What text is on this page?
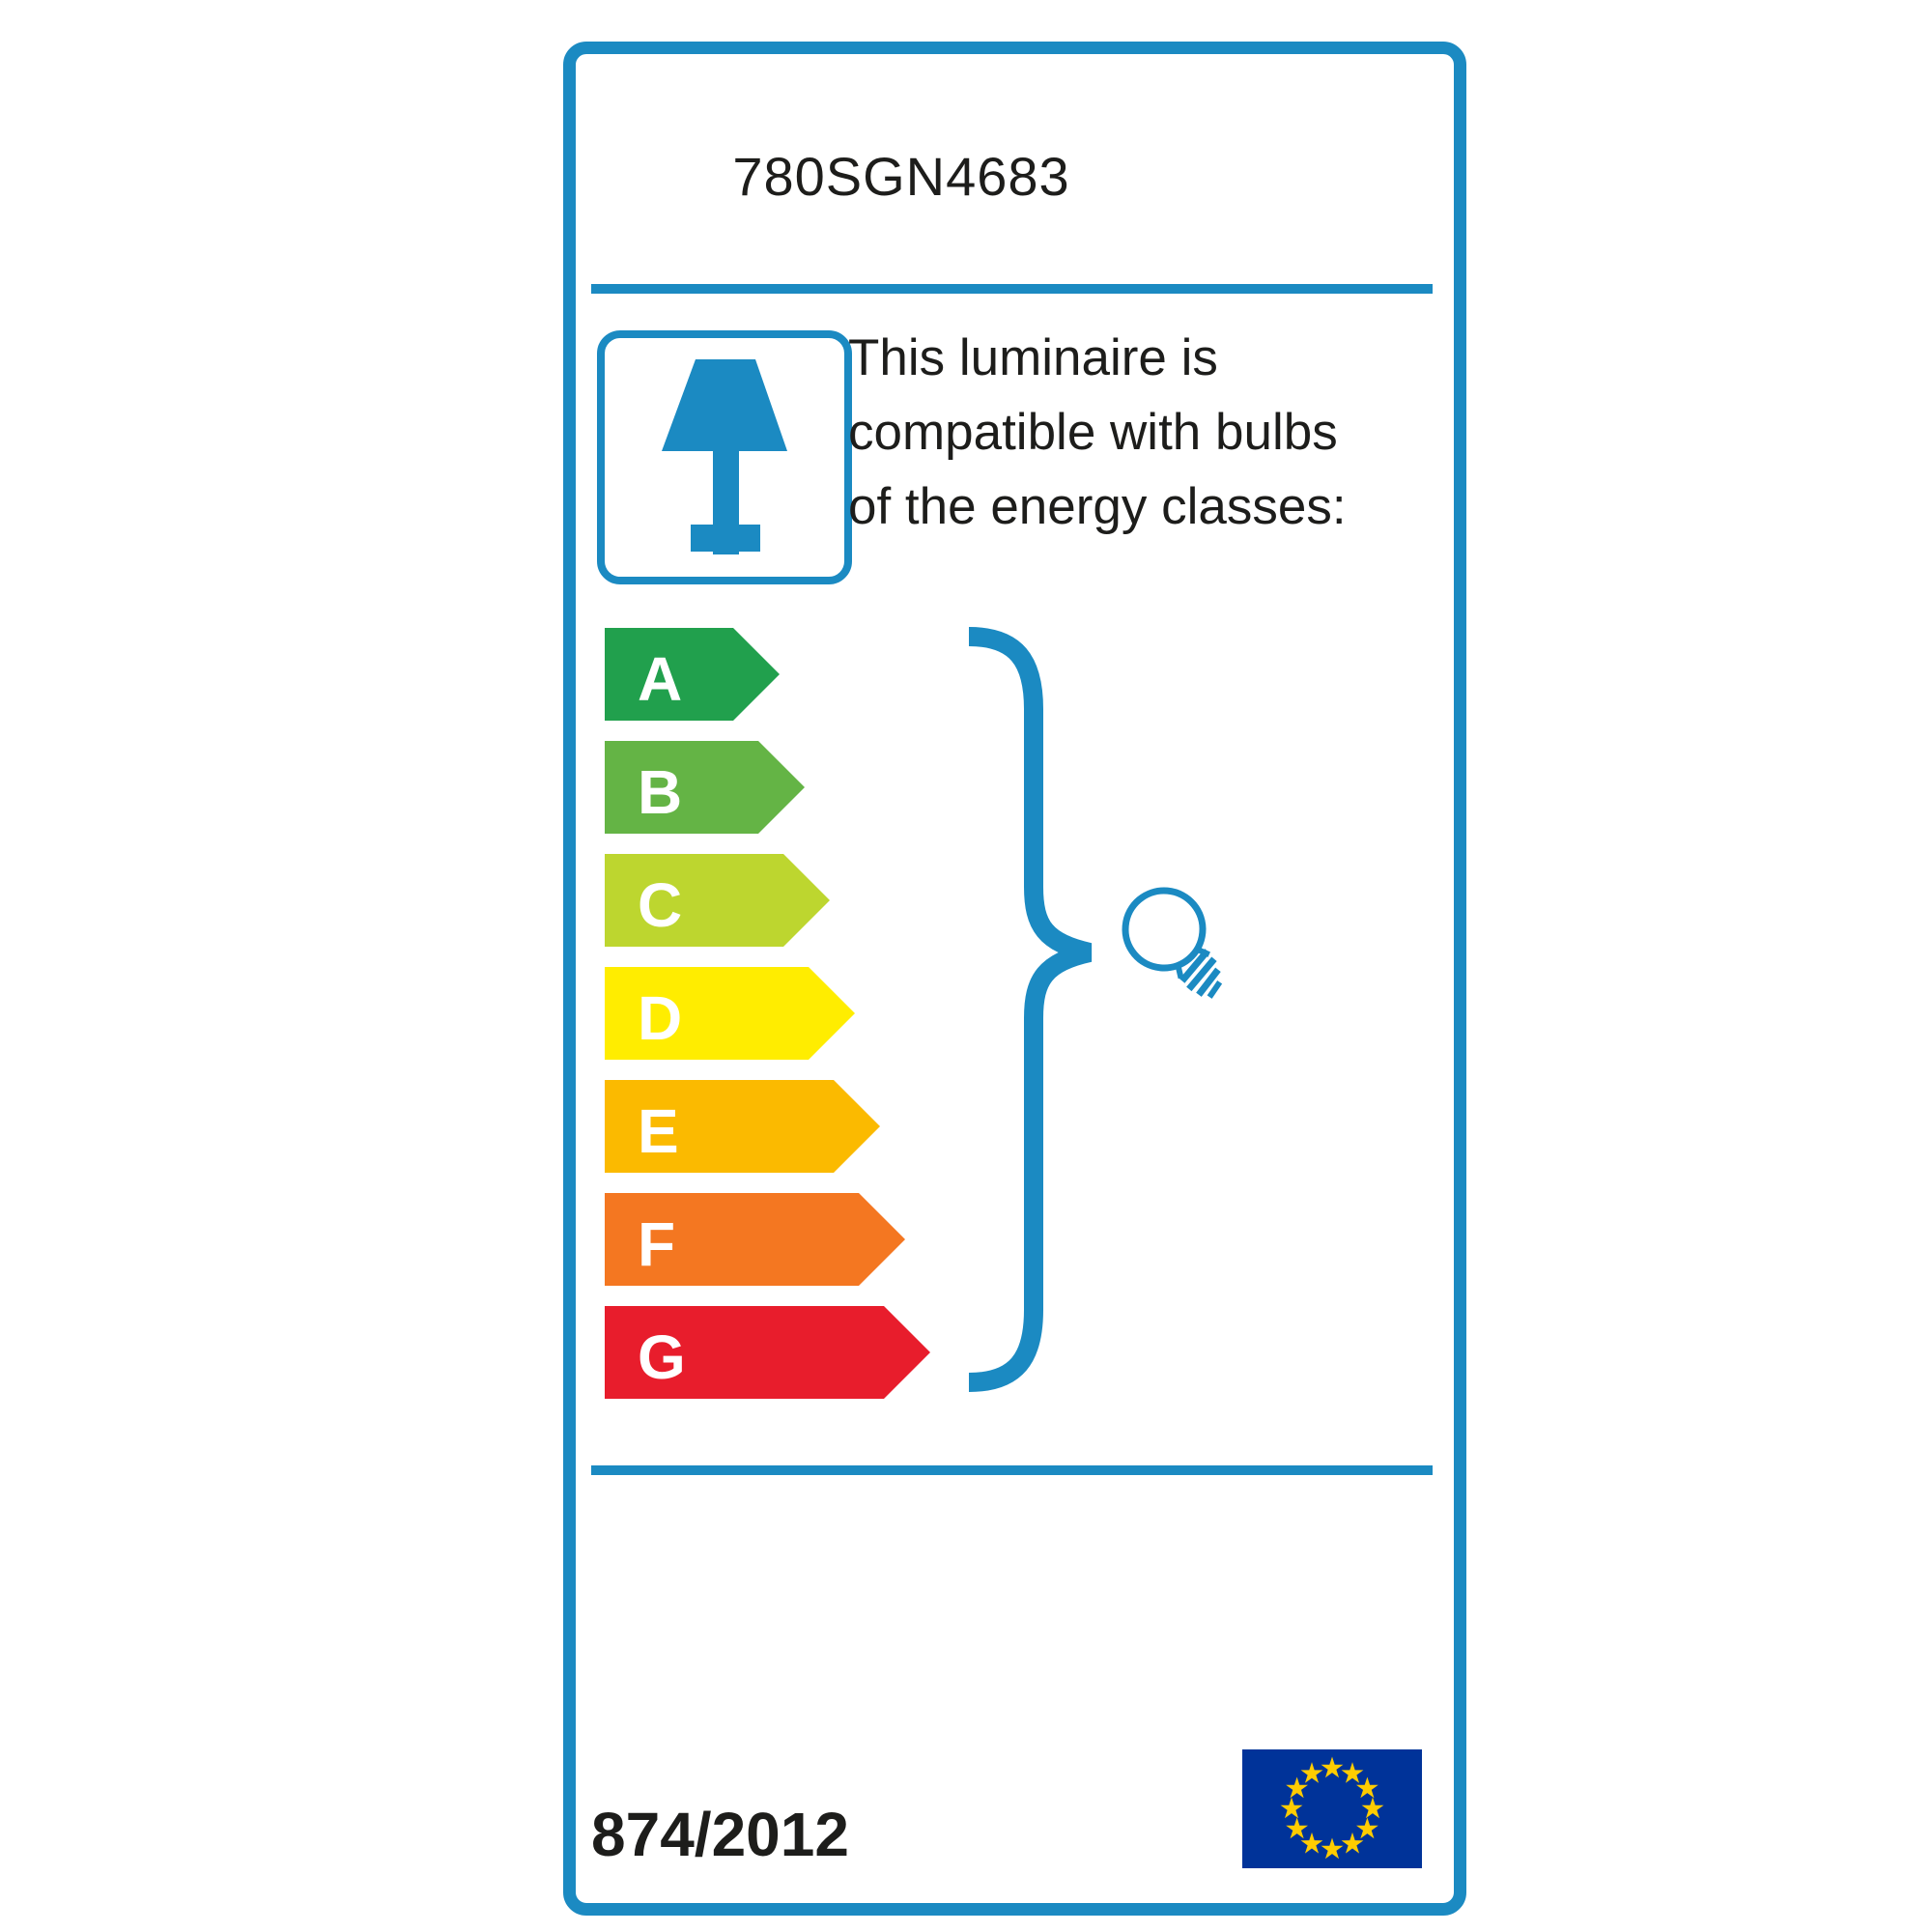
780SGN4683
This luminaire is
compatible with bulbs
of the energy classes:
A
B
C
D
E
F
G
874/2012
